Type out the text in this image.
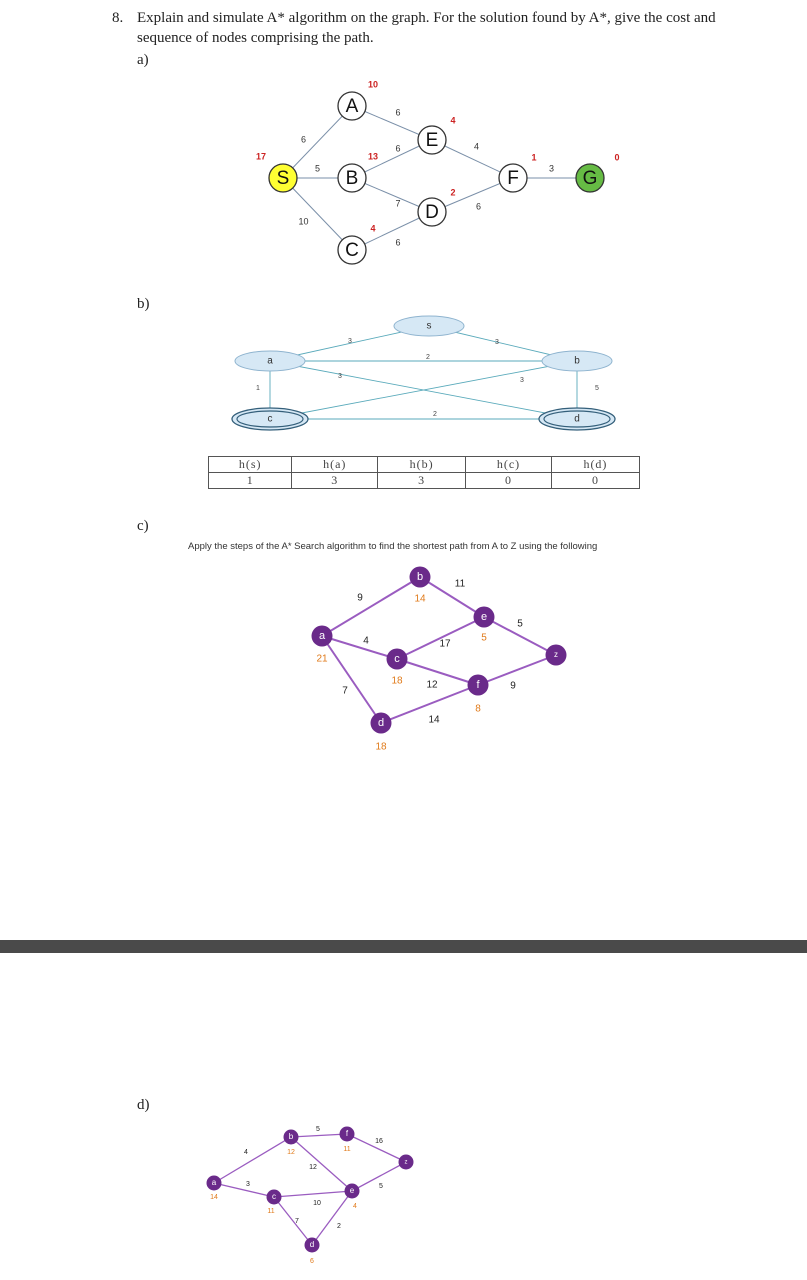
8. Explain and simulate A* algorithm on the graph. For the solution found by A*, give the cost and sequence of nodes comprising the path.
a)
b)
c)
d)
6
5
10
6
6
7
6
4
6
3
S
17
A
10
B
13
C
4
E
4
D
2
F
1
G
0
3	3
2
3
1
3
5
2
s
a	b
c	d
h(s)	h(a)	h(b)	h(c)	h(d)
1	3	3	0	0
Apply the steps of the A* Search algorithm to find the shortest path from A to Z using the following
9
4
7
11
17
12
14
5
9
a
21
b
14
c
18
d
18
e
5
f
8
z
4
3
5
12
10
7
2
16
5
a
14
b
12
c
11
d
6
e
4
f
11
z
